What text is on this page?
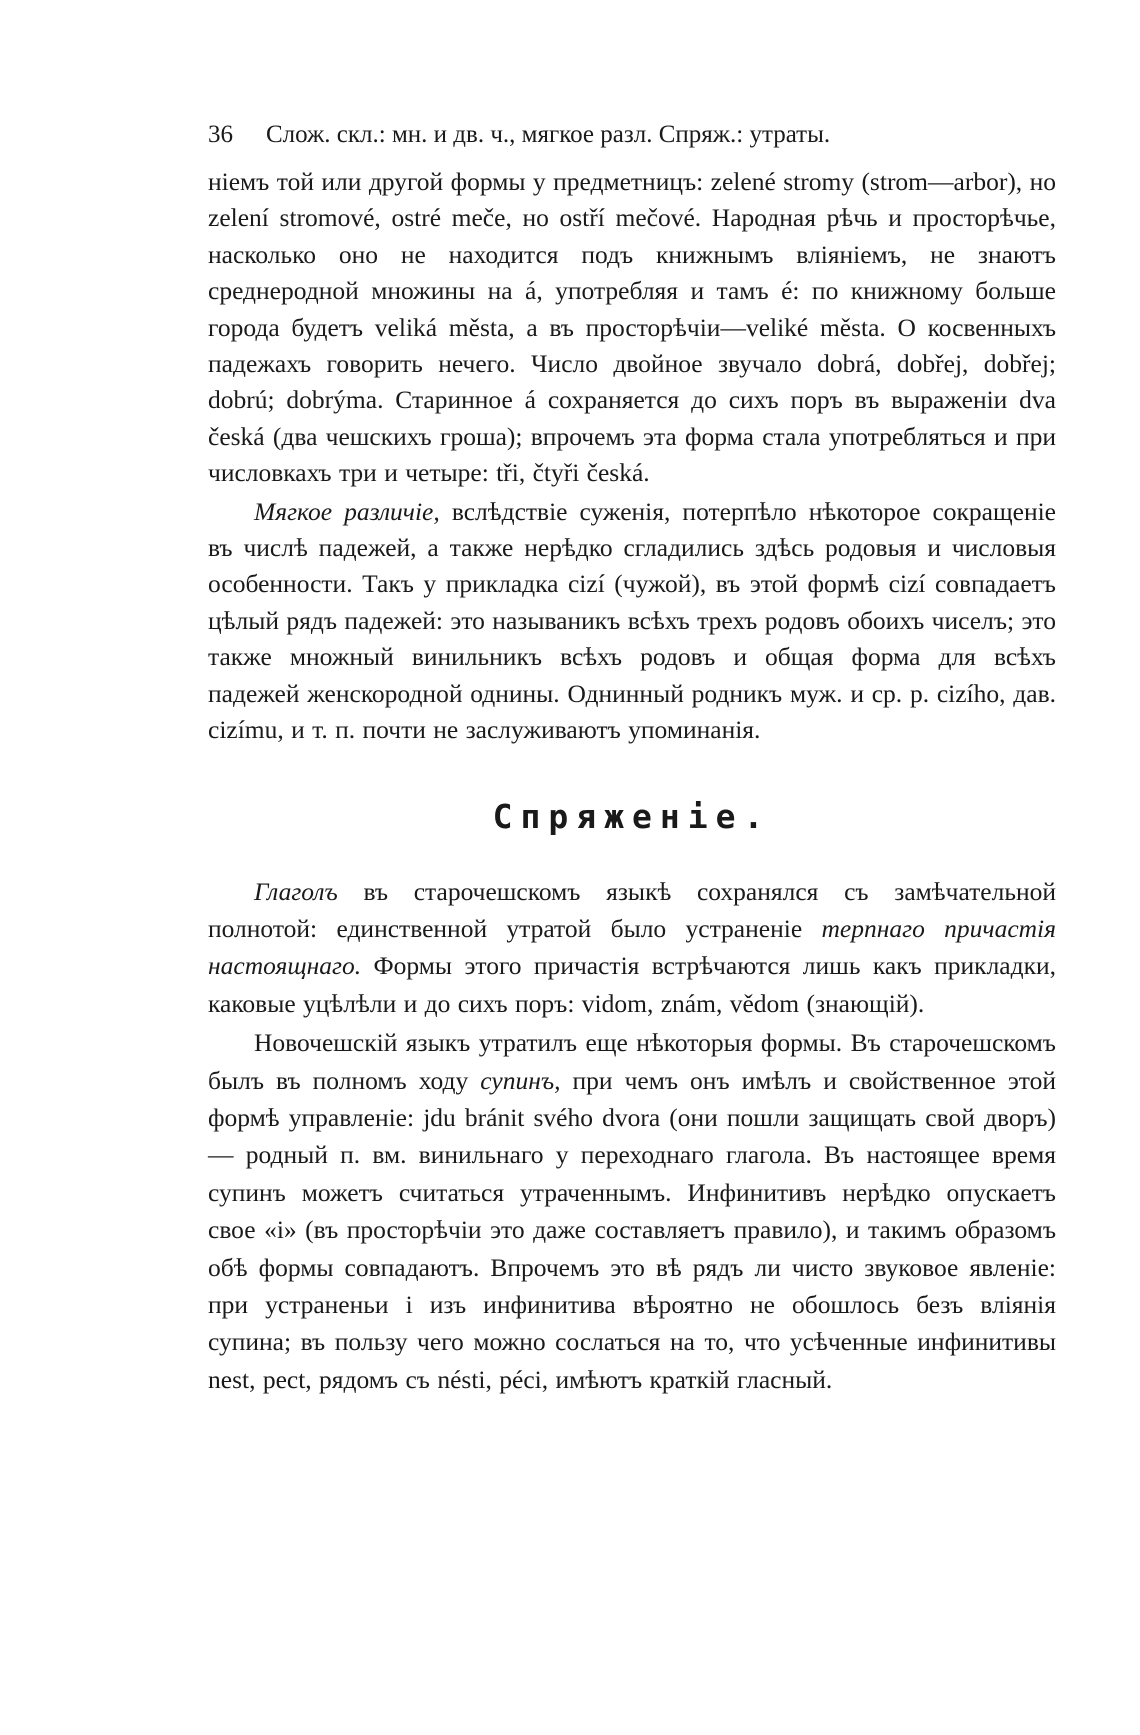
36 Слож. скл.: мн. и дв. ч., мягкое разл. Спряж.: утраты.

ніемъ той или другой формы у предметницъ: zelené stromy (strom—arbor), но zelení stromové, ostré meče, но ostří mečové. Народная рѣчь и просторѣчье, насколько оно не находится подъ книжнымъ вліяніемъ, не знаютъ среднеродной множины на á, употребляя и тамъ é: по книжному больше города будетъ veliká města, а въ просторѣчіи—veliké města. О косвенныхъ падежахъ говорить нечего. Число двойное звучало dobrá, dobřej, dobřej; dobrú; dobrýma. Старинное á сохраняется до сихъ поръ въ выраженіи dva česká (два чешскихъ гроша); впрочемъ эта форма стала употребляться и при числовкахъ три и четыре: tři, čtyři česká.

Мягкое различіе, вслѣдствіе суженія, потерпѣло нѣкоторое сокращеніе въ числѣ падежей, а также нерѣдко сгладились здѣсь родовыя и числовыя особенности. Такъ у прикладка cizí (чужой), въ этой формѣ cizí совпадаетъ цѣлый рядъ падежей: это называникъ всѣхъ трехъ родовъ обоихъ чиселъ; это также множный винильникъ всѣхъ родовъ и общая форма для всѣхъ падежей женскородной однины. Однинный родникъ муж. и ср. р. cizího, дав. cizímu, и т. п. почти не заслуживаютъ упоминанія.

Спряженіе.

Глаголъ въ старочешскомъ языкѣ сохранялся съ замѣчательной полнотой: единственной утратой было устраненіе терпнаго причастія настоящнаго. Формы этого причастія встрѣчаются лишь какъ прикладки, каковые уцѣлѣли и до сихъ поръ: vidom, znám, vědom (знающій).

Новочешскій языкъ утратилъ еще нѣкоторыя формы. Въ старочешскомъ былъ въ полномъ ходу супинъ, при чемъ онъ имѣлъ и свойственное этой формѣ управленіе: jdu bránit svého dvora (они пошли защищать свой дворъ) — родный п. вм. винильнаго у переходнаго глагола. Въ настоящее время супинъ можетъ считаться утраченнымъ. Инфинитивъ нерѣдко опускаетъ свое «і» (въ просторѣчіи это даже составляетъ правило), и такимъ образомъ обѣ формы совпадаютъ. Впрочемъ это вѣ рядъ ли чисто звуковое явленіе: при устраненьи і изъ инфинитива вѣроятно не обошлось безъ вліянія супина; въ пользу чего можно сослаться на то, что усѣченные инфинитивы nest, pect, рядомъ съ nésti, péci, имѣютъ краткій гласный.
